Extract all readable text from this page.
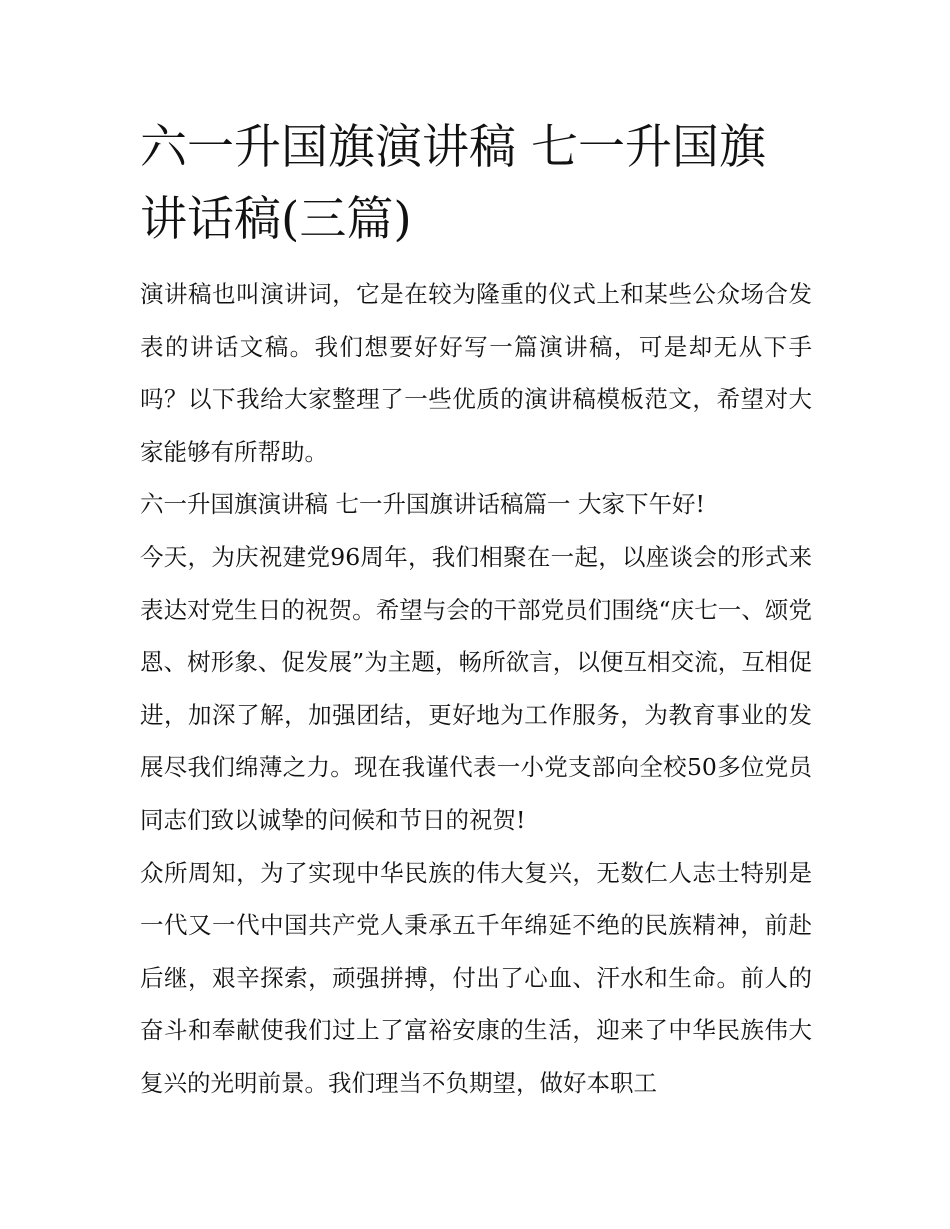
六一升国旗演讲稿 七一升国旗讲话稿(三篇)

演讲稿也叫演讲词，它是在较为隆重的仪式上和某些公众场合发表的讲话文稿。我们想要好好写一篇演讲稿，可是却无从下手吗？以下我给大家整理了一些优质的演讲稿模板范文，希望对大家能够有所帮助。

六一升国旗演讲稿 七一升国旗讲话稿篇一 大家下午好!

今天，为庆祝建党96周年，我们相聚在一起，以座谈会的形式来表达对党生日的祝贺。希望与会的干部党员们围绕“庆七一、颂党恩、树形象、促发展”为主题，畅所欲言，以便互相交流，互相促进，加深了解，加强团结，更好地为工作服务，为教育事业的发展尽我们绵薄之力。现在我谨代表一小党支部向全校50多位党员同志们致以诚挚的问候和节日的祝贺!

众所周知，为了实现中华民族的伟大复兴，无数仁人志士特别是一代又一代中国共产党人秉承五千年绵延不绝的民族精神，前赴后继，艰辛探索，顽强拼搏，付出了心血、汗水和生命。前人的奋斗和奉献使我们过上了富裕安康的生活，迎来了中华民族伟大复兴的光明前景。我们理当不负期望，做好本职工
